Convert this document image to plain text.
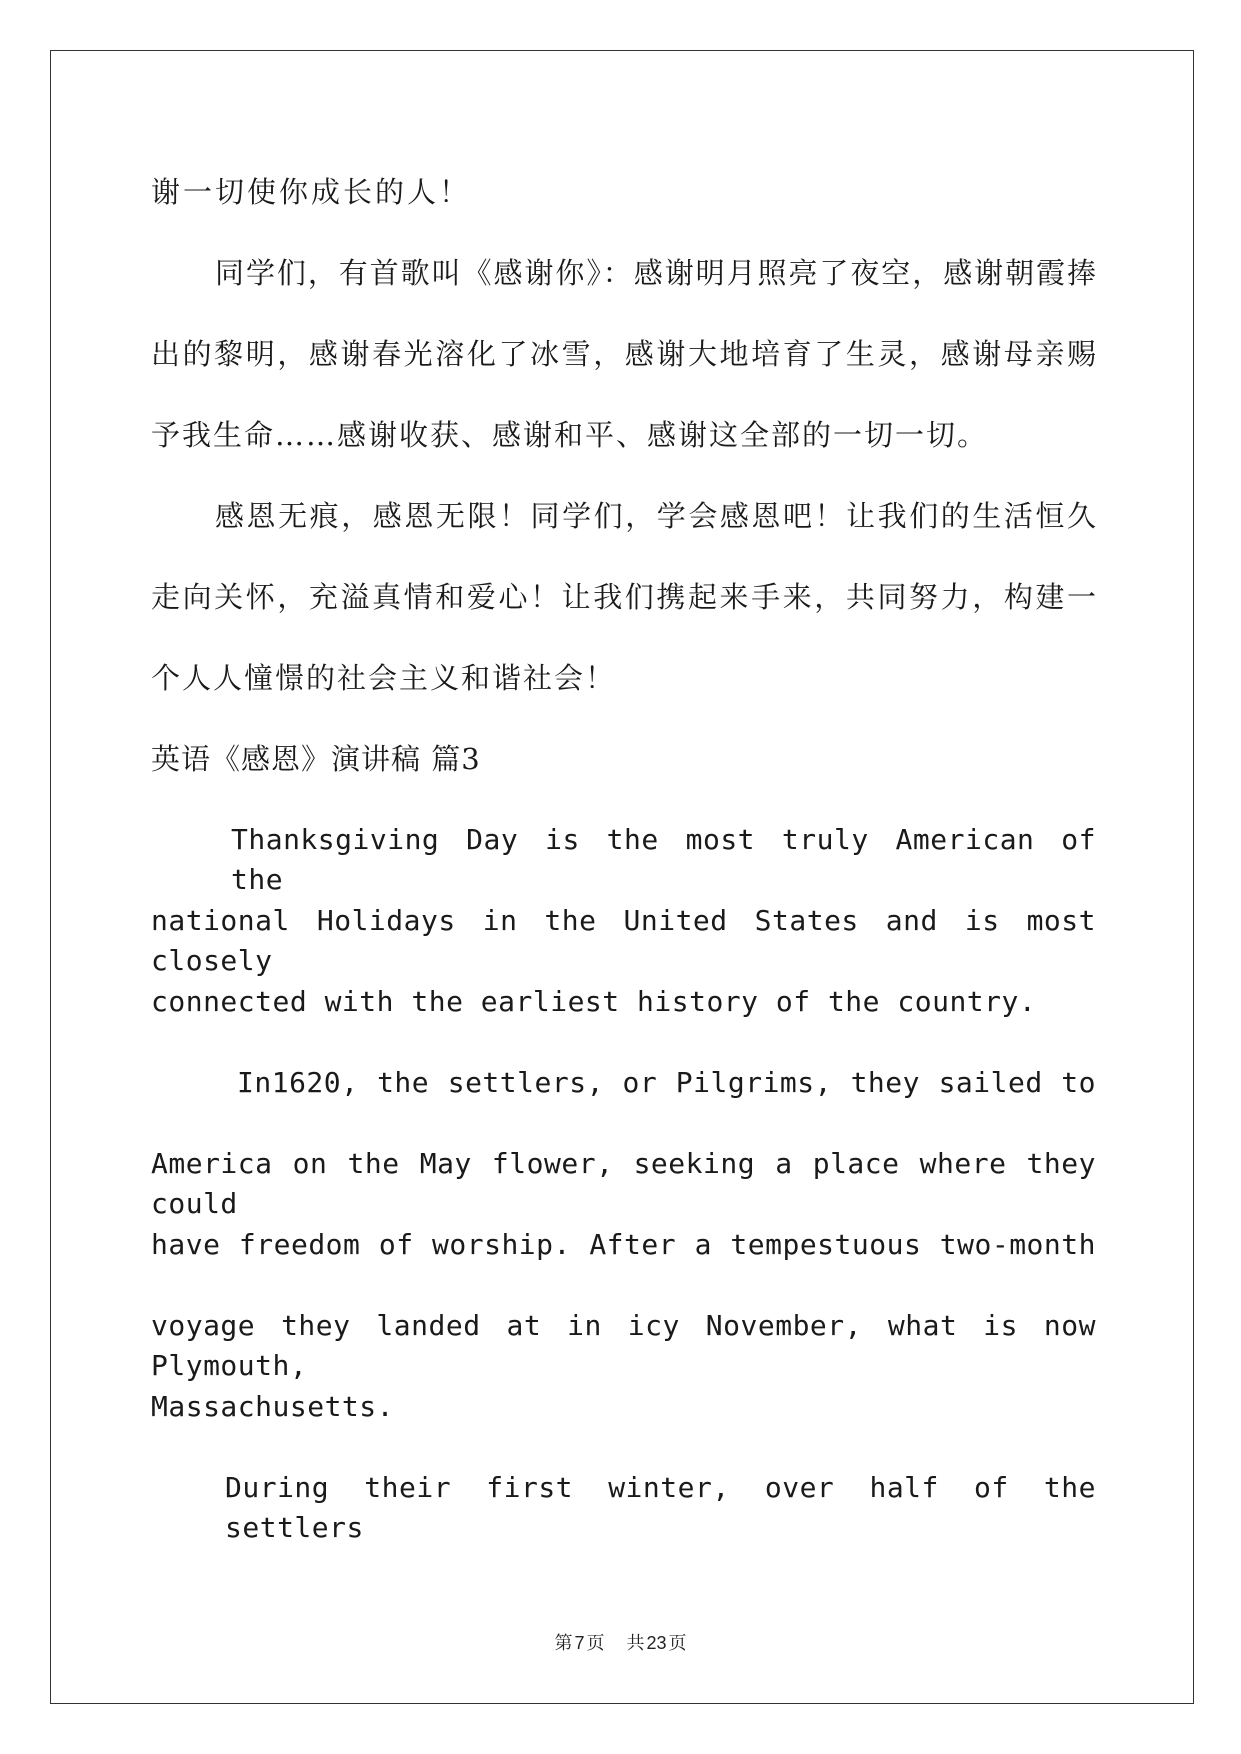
谢一切使你成长的人！
同学们，有首歌叫《感谢你》：感谢明月照亮了夜空，感谢朝霞捧
出的黎明，感谢春光溶化了冰雪，感谢大地培育了生灵，感谢母亲赐
予我生命……感谢收获、感谢和平、感谢这全部的一切一切。
感恩无痕，感恩无限！同学们，学会感恩吧！让我们的生活恒久
走向关怀，充溢真情和爱心！让我们携起来手来，共同努力，构建一
个人人憧憬的社会主义和谐社会！
英语《感恩》演讲稿 篇3
Thanksgiving Day is the most truly American of the
national Holidays in the United States and is most closely
connected with the earliest history of the country.
In1620, the settlers, or Pilgrims, they sailed to
America on the May flower, seeking a place where they could
have freedom of worship. After a tempestuous two-month
voyage they landed at in icy November, what is now Plymouth,
Massachusetts.
During their first winter, over half of the settlers
第 7 页 共 23 页
